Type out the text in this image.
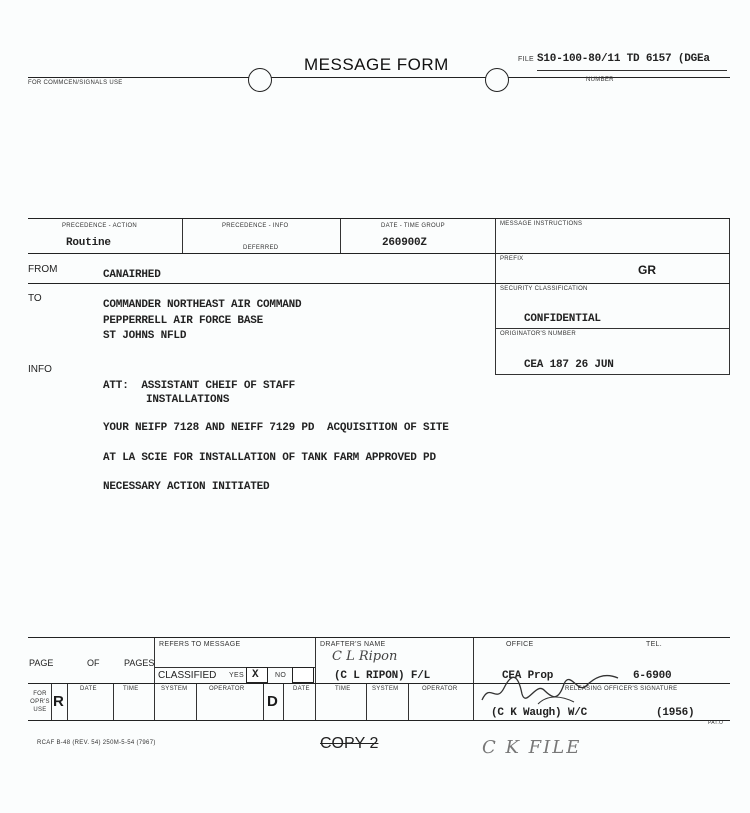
FOR COMMCEN/SIGNALS USE
MESSAGE FORM	FILE S10-100-80/11 TD 6157 (DGEa
NUMBER
PRECEDENCE - ACTION
Routine
PRECEDENCE - INFO
DEFERRED
DATE - TIME GROUP
260900Z
MESSAGE INSTRUCTIONS
PREFIX
GR
SECURITY CLASSIFICATION
CONFIDENTIAL
ORIGINATOR'S NUMBER
CEA 187 26 JUN
FROM	CANAIRHED
TO
COMMANDER NORTHEAST AIR COMMAND
PEPPERRELL AIR FORCE BASE
ST JOHNS NFLD
INFO
ATT:  ASSISTANT CHEIF OF STAFF
INSTALLATIONS
YOUR NEIFP 7128 AND NEIFF 7129 PD  ACQUISITION OF SITE
AT LA SCIE FOR INSTALLATION OF TANK FARM APPROVED PD
NECESSARY ACTION INITIATED
PAGE	OF	PAGES
REFERS TO MESSAGE
CLASSIFIED YES X NO
DRAFTER'S NAME
C L Ripon
(C L RIPON) F/L
OFFICE
CEA Prop
TEL.
6-6900
FOR OPR'S USE R
DATE	TIME	SYSTEM	OPERATOR
D
DATE	TIME	SYSTEM	OPERATOR	RELEASING OFFICER'S SIGNATURE
(C K Waugh) W/C	(1956)
PAT.O
RCAF B-48 (REV. 54) 250M-5-54 (7967)	COPY 2	C K FILE
